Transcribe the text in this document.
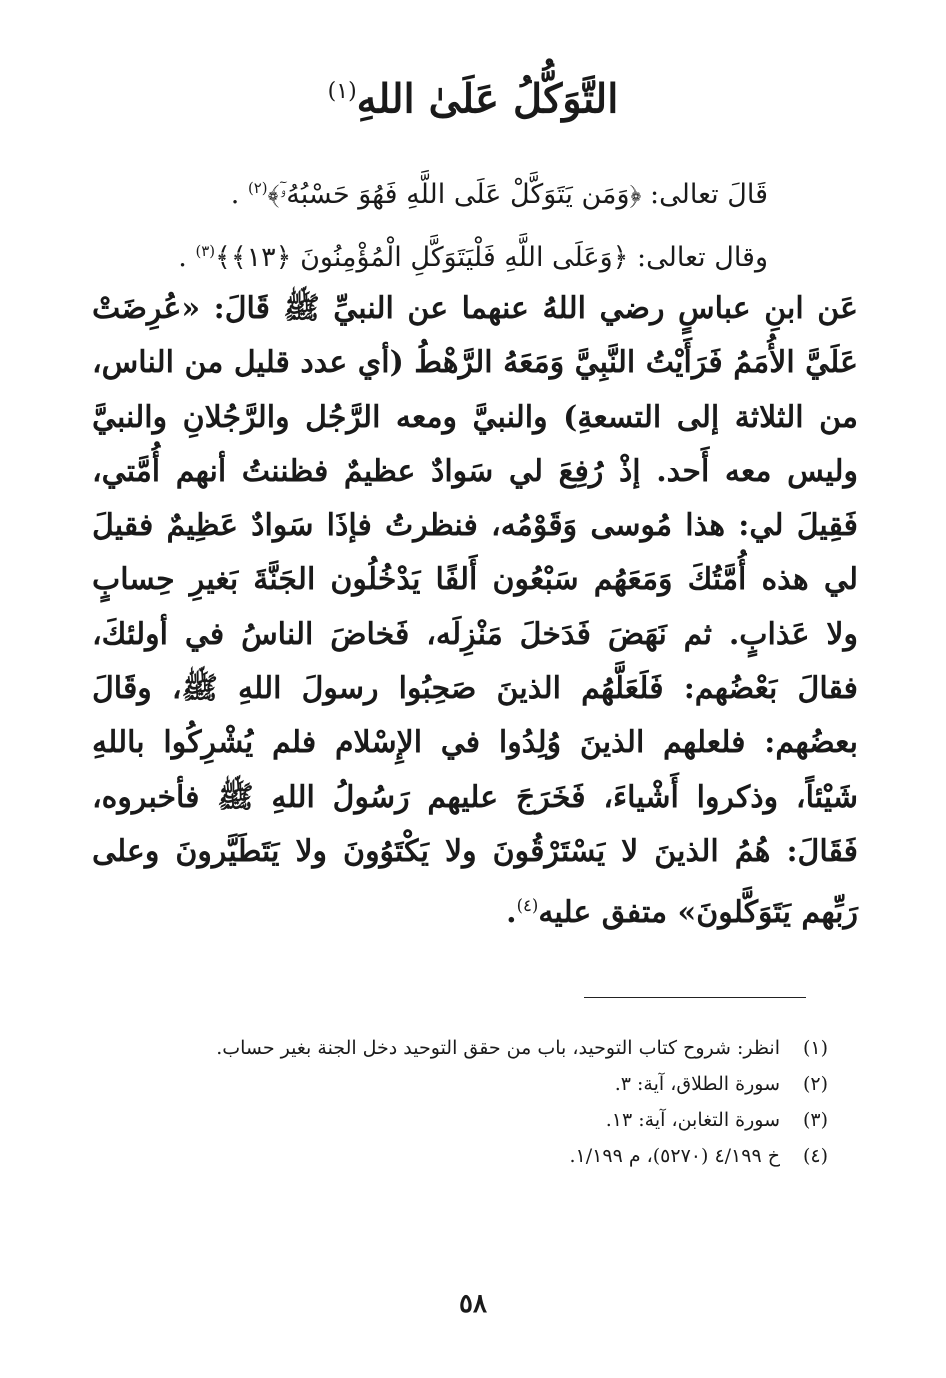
التَّوَكُّلُ عَلَىٰ اللهِ$^{(١)}$
قَالَ تعالى: ﴿وَمَن يَتَوَكَّلْ عَلَى اللَّهِ فَهُوَ حَسْبُهُۥٓ﴾$^{(٢)}$ .
وقال تعالى: ﴿وَعَلَى اللَّهِ فَلْيَتَوَكَّلِ الْمُؤْمِنُونَ ﴿١٣﴾﴾$^{(٣)}$ .

عَن ابنِ عباسٍ رضي اللهُ عنهما عن النبيِّ ﷺ قَالَ: «عُرِضَتْ عَلَيَّ الأُمَمُ فَرَأَيْتُ النَّبِيَّ وَمَعَهُ الرَّهْطُ (أي عدد قليل من الناس، من الثلاثة إلى التسعةِ) والنبيَّ ومعه الرَّجُل والرَّجُلانِ والنبيَّ وليس معه أَحد. إذْ رُفِعَ لي سَوادٌ عظيمٌ فظننتُ أنهم أُمَّتي، فَقِيلَ لي: هذا مُوسى وَقَوْمُه، فنظرتُ فإذَا سَوادٌ عَظِيمٌ فقيلَ لي هذه أُمَّتُكَ وَمَعَهُم سَبْعُون أَلفًا يَدْخُلُون الجَنَّةَ بَغيرِ حِسابٍ ولا عَذابٍ. ثم نَهَضَ فَدَخلَ مَنْزِلَه، فَخاضَ الناسُ في أولئكَ، فقالَ بَعْضُهم: فَلَعَلَّهُم الذينَ صَحِبُوا رسولَ اللهِ ﷺ، وقَالَ بعضُهم: فلعلهم الذينَ وُلِدُوا في الإِسْلام فلم يُشْرِكُوا باللهِ شَيْئاً، وذكروا أَشْياءَ، فَخَرَجَ عليهم رَسُولُ اللهِ ﷺ فأخبروه، فَقَالَ: هُمُ الذينَ لا يَسْتَرْقُونَ ولا يَكْتَوُونَ ولا يَتَطَيَّرونَ وعلى رَبِّهم يَتَوَكَّلونَ» متفق عليه$^{(٤)}$.

(١)
انظر: شروح كتاب التوحيد، باب من حقق التوحيد دخل الجنة بغير حساب.
(٢)
سورة الطلاق، آية: ٣.
(٣)
سورة التغابن، آية: ١٣.
(٤)
خ ٤/١٩٩ (٥٢٧٠)، م ١/١٩٩.
٥٨
